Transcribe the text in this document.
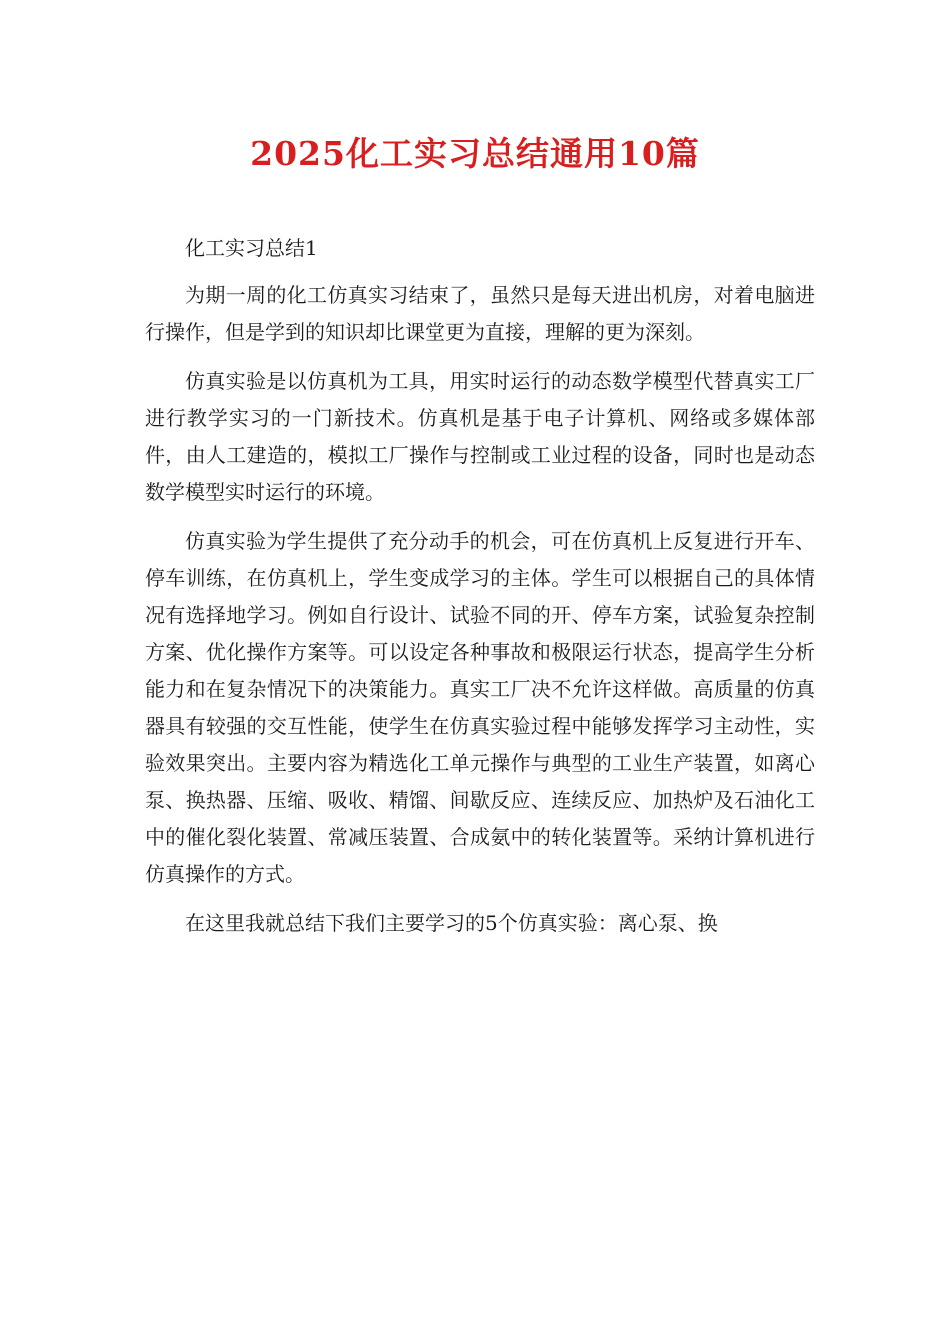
2025化工实习总结通用10篇

化工实习总结1

为期一周的化工仿真实习结束了，虽然只是每天进出机房，对着电脑进行操作，但是学到的知识却比课堂更为直接，理解的更为深刻。

仿真实验是以仿真机为工具，用实时运行的动态数学模型代替真实工厂进行教学实习的一门新技术。仿真机是基于电子计算机、网络或多媒体部件，由人工建造的，模拟工厂操作与控制或工业过程的设备，同时也是动态数学模型实时运行的环境。

仿真实验为学生提供了充分动手的机会，可在仿真机上反复进行开车、停车训练，在仿真机上，学生变成学习的主体。学生可以根据自己的具体情况有选择地学习。例如自行设计、试验不同的开、停车方案，试验复杂控制方案、优化操作方案等。可以设定各种事故和极限运行状态，提高学生分析能力和在复杂情况下的决策能力。真实工厂决不允许这样做。高质量的仿真器具有较强的交互性能，使学生在仿真实验过程中能够发挥学习主动性，实验效果突出。主要内容为精选化工单元操作与典型的工业生产装置，如离心泵、换热器、压缩、吸收、精馏、间歇反应、连续反应、加热炉及石油化工中的催化裂化装置、常减压装置、合成氨中的转化装置等。采纳计算机进行仿真操作的方式。

在这里我就总结下我们主要学习的5个仿真实验：离心泵、换
